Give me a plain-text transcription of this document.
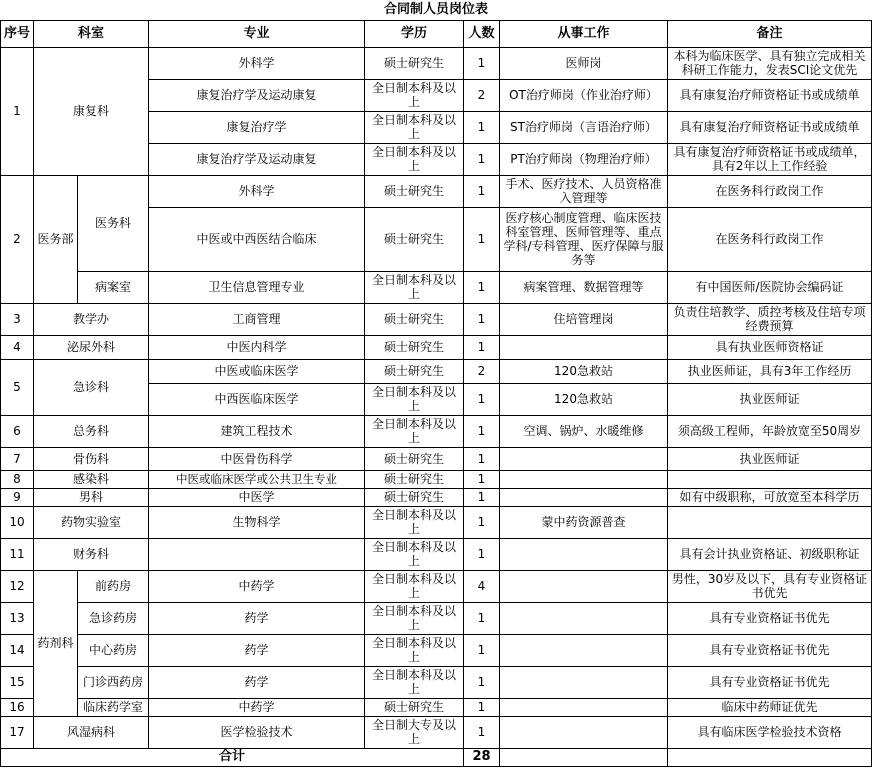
合同制人员岗位表							
序号	科室		专业	学历	人数	从事工作	备注
1	康复科		外科学	硕士研究生	1	医师岗	本科为临床医学、具有独立完成相关科研工作能力，发表SCI论文优先
			康复治疗学及运动康复	全日制本科及以上	2	OT治疗师岗（作业治疗师）	具有康复治疗师资格证书或成绩单
			康复治疗学	全日制本科及以上	1	ST治疗师岗（言语治疗师）	具有康复治疗师资格证书或成绩单
			康复治疗学及运动康复	全日制本科及以上	1	PT治疗师岗（物理治疗师）	具有康复治疗师资格证书或成绩单，具有2年以上工作经验
2	医务部	医务科	外科学	硕士研究生	1	手术、医疗技术、人员资格准入管理等	在医务科行政岗工作
			中医或中西医结合临床	硕士研究生	1	医疗核心制度管理、临床医技科室管理、医师管理等、重点学科/专科管理、医疗保障与服务等	在医务科行政岗工作
		病案室	卫生信息管理专业	全日制本科及以上	1	病案管理、数据管理等	有中国医师/医院协会编码证
3	教学办		工商管理	硕士研究生	1	住培管理岗	负责住培教学、质控考核及住培专项经费预算
4	泌尿外科		中医内科学	硕士研究生	1		具有执业医师资格证
5	急诊科		中医或临床医学	硕士研究生	2	120急救站	执业医师证，具有3年工作经历
			中西医临床医学	全日制本科及以上	1	120急救站	执业医师证
6	总务科		建筑工程技术	全日制本科及以上	1	空调、锅炉、水暖维修	须高级工程师，年龄放宽至50周岁
7	骨伤科		中医骨伤科学	硕士研究生	1		执业医师证
8	感染科		中医或临床医学或公共卫生专业	硕士研究生	1		
9	男科		中医学	硕士研究生	1		如有中级职称，可放宽至本科学历
10	药物实验室		生物科学	全日制本科及以上	1	蒙中药资源普查	
11	财务科			全日制本科及以上	1		具有会计执业资格证、初级职称证
12	药剂科	前药房	中药学	全日制本科及以上	4		男性，30岁及以下，具有专业资格证书优先
13		急诊药房	药学	全日制本科及以上	1		具有专业资格证书优先
14		中心药房	药学	全日制本科及以上	1		具有专业资格证书优先
15		门诊西药房	药学	全日制本科及以上	1		具有专业资格证书优先
16		临床药学室	中药学	硕士研究生	1		临床中药师证优先
17	风湿病科		医学检验技术	全日制大专及以上	1		具有临床医学检验技术资格
合计					28		
